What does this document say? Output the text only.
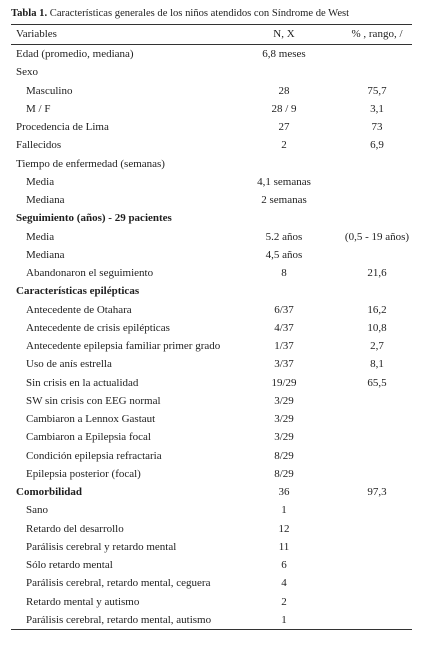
Tabla 1. Características generales de los niños atendidos con Síndrome de West
Variables	N, X	% , rango, /
Edad (promedio, mediana)	6,8 meses
Sexo
Masculino	28	75,7
M / F	28 / 9	3,1
Procedencia de Lima	27	73
Fallecidos	2	6,9
Tiempo de enfermedad (semanas)
Media	4,1 semanas
Mediana	2 semanas
Seguimiento (años) - 29 pacientes
Media	5.2 años	(0,5 - 19 años)
Mediana	4,5 años
Abandonaron el seguimiento	8	21,6
Características epilépticas
Antecedente de Otahara	6/37	16,2
Antecedente de crisis epilépticas	4/37	10,8
Antecedente epilepsia familiar primer grado	1/37	2,7
Uso de anís estrella	3/37	8,1
Sin crisis en la actualidad	19/29	65,5
SW sin crisis con EEG normal	3/29
Cambiaron a Lennox Gastaut	3/29
Cambiaron a Epilepsia focal	3/29
Condición epilepsia refractaria	8/29
Epilepsia posterior (focal)	8/29
Comorbilidad	36	97,3
Sano	1
Retardo del desarrollo	12
Parálisis cerebral y retardo mental	11
Sólo retardo mental	6
Parálisis cerebral, retardo mental, ceguera	4
Retardo mental y autismo	2
Parálisis cerebral, retardo mental, autismo	1
